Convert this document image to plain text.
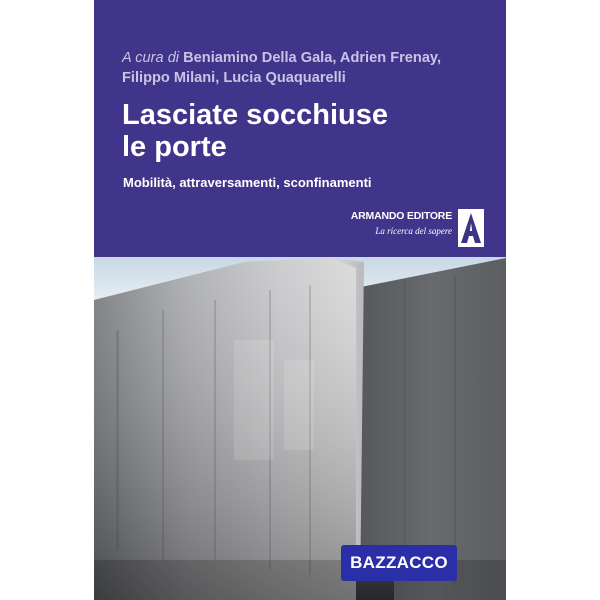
A cura di Beniamino Della Gala, Adrien Frenay,
Filippo Milani, Lucia Quaquarelli
Lasciate socchiuse
le porte
Mobilità, attraversamenti, sconfinamenti
ARMANDO EDITORE
La ricerca del sapere
BAZZACCO
